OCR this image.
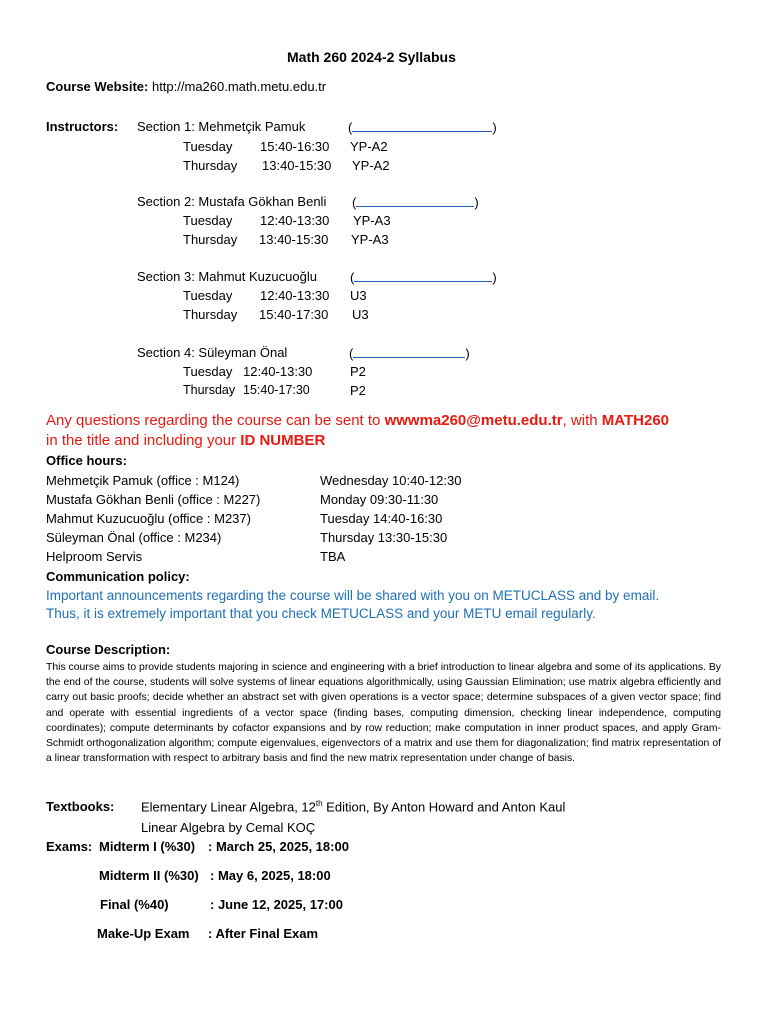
Math 260 2024-2 Syllabus
Course Website: http://ma260.math.metu.edu.tr
Instructors: Section 1: Mehmetçik Pamuk	(	)
Tuesday 15:40-16:30 YP-A2
Thursday 13:40-15:30 YP-A2
Section 2: Mustafa Gökhan Benli (	)
Tuesday 12:40-13:30 YP-A3
Thursday 13:40-15:30 YP-A3
Section 3: Mahmut Kuzucuoğlu	(	)
Tuesday 12:40-13:30 U3
Thursday 15:40-17:30 U3
Section 4: Süleyman Önal	(	)
Tuesday 12:40-13:30	P2
Thursday 15:40-17:30	P2
Any questions regarding the course can be sent to wwwma260@metu.edu.tr, with MATH260
in the title and including your ID NUMBER
Office hours:
Mehmetçik Pamuk (office : M124)	Wednesday 10:40-12:30
Mustafa Gökhan Benli (office : M227)	Monday 09:30-11:30
Mahmut Kuzucuoğlu (office : M237)	Tuesday 14:40-16:30
Süleyman Önal (office : M234)	Thursday 13:30-15:30
Helproom Servis	TBA
Communication policy:
Important announcements regarding the course will be shared with you on METUCLASS and by email.
Thus, it is extremely important that you check METUCLASS and your METU email regularly.
Course Description:
This course aims to provide students majoring in science and engineering with a brief introduction to linear algebra and some of its applications. By the end of the course, students will solve systems of linear equations algorithmically, using Gaussian Elimination; use matrix algebra efficiently and carry out basic proofs; decide whether an abstract set with given operations is a vector space; determine subspaces of a given vector space; find and operate with essential ingredients of a vector space (finding bases, computing dimension, checking linear independence, computing coordinates); compute determinants by cofactor expansions and by row reduction; make computation in inner product spaces, and apply Gram-Schmidt orthogonalization algorithm; compute eigenvalues, eigenvectors of a matrix and use them for diagonalization; find matrix representation of a linear transformation with respect to arbitrary basis and find the new matrix representation under change of basis.
Textbooks: Elementary Linear Algebra, 12th Edition, By Anton Howard and Anton Kaul
Linear Algebra by Cemal KOÇ
Exams: Midterm I (%30) : March 25, 2025, 18:00
Midterm II (%30) : May 6, 2025, 18:00
Final (%40)	: June 12, 2025, 17:00
Make-Up Exam : After Final Exam
